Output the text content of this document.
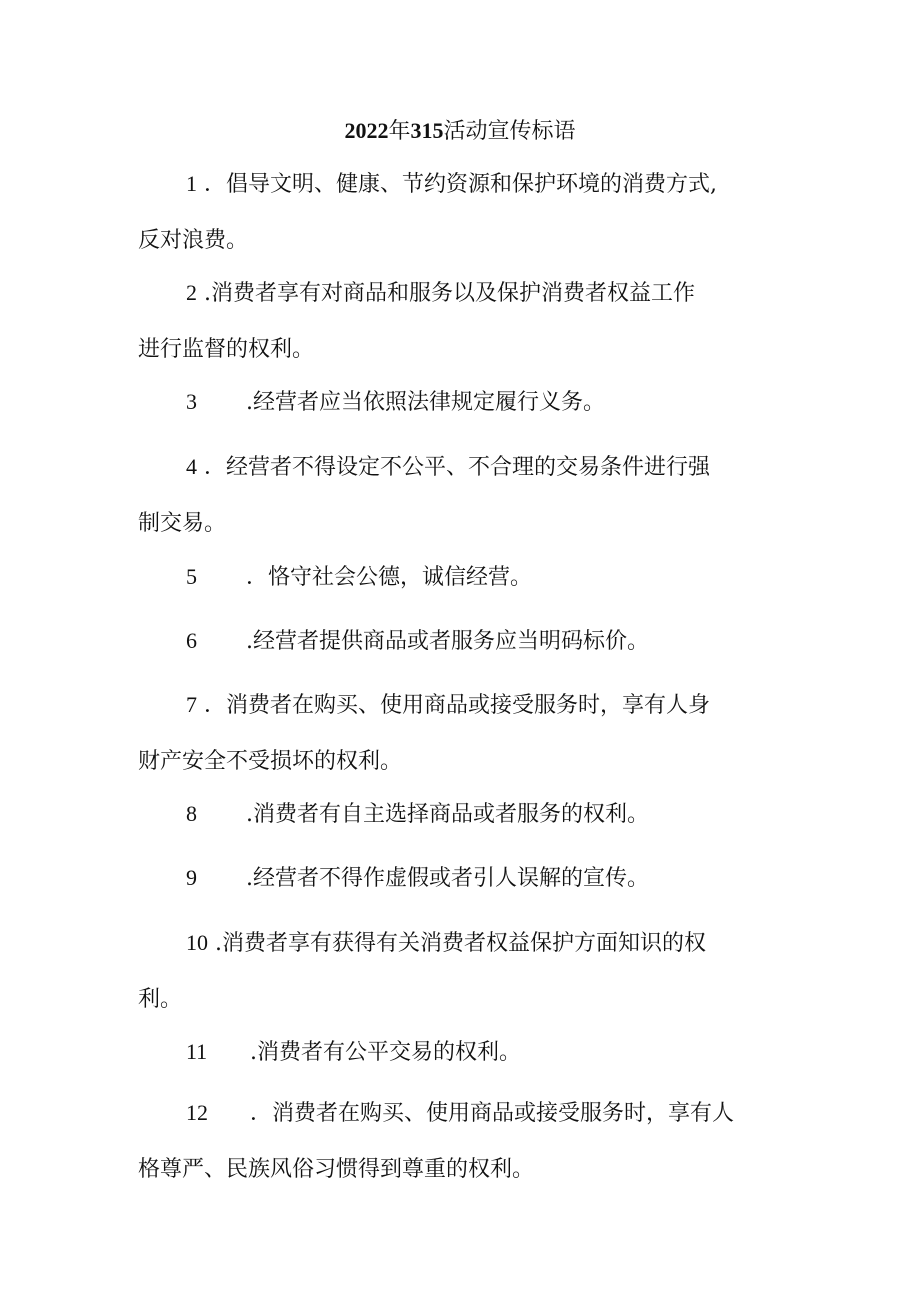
2022年315活动宣传标语
1 ．倡导文明、健康、节约资源和保护环境的消费方式,
反对浪费。
2 .消费者享有对商品和服务以及保护消费者权益工作
进行监督的权利。
3 .经营者应当依照法律规定履行义务。
4 ．经营者不得设定不公平、不合理的交易条件进行强
制交易。
5 ．恪守社会公德，诚信经营。
6 .经营者提供商品或者服务应当明码标价。
7 ．消费者在购买、使用商品或接受服务时，享有人身
财产安全不受损坏的权利。
8 .消费者有自主选择商品或者服务的权利。
9 .经营者不得作虚假或者引人误解的宣传。
10 .消费者享有获得有关消费者权益保护方面知识的权
利。
11 .消费者有公平交易的权利。
12 ．消费者在购买、使用商品或接受服务时，享有人
格尊严、民族风俗习惯得到尊重的权利。
